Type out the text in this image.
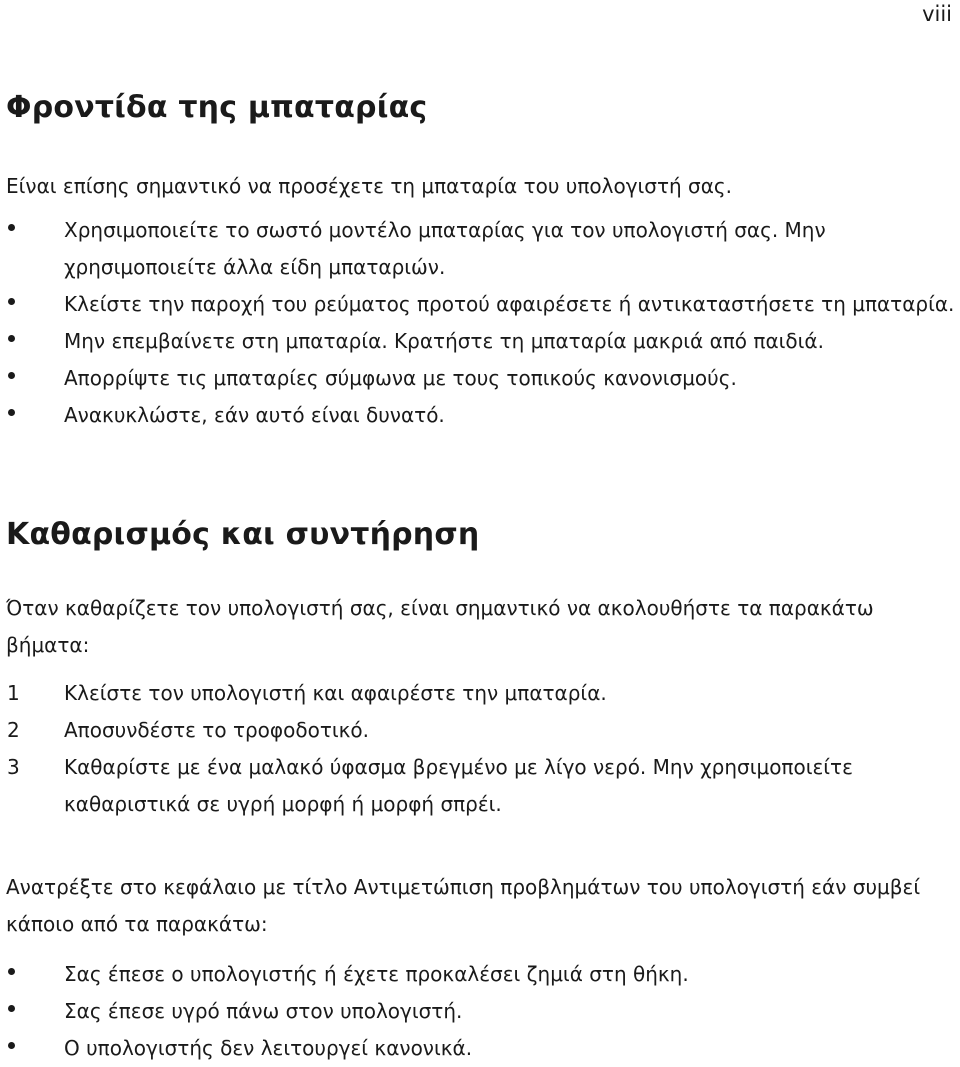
viii
Φροντίδα της μπαταρίας

Είναι επίσης σημαντικό να προσέχετε τη μπαταρία του υπολογιστή σας.

Χρησιμοποιείτε το σωστό μοντέλο μπαταρίας για τον υπολογιστή σας. Μην χρησιμοποιείτε άλλα είδη μπαταριών.
Κλείστε την παροχή του ρεύματος προτού αφαιρέσετε ή αντικαταστήσετε τη μπαταρία.
Μην επεμβαίνετε στη μπαταρία. Κρατήστε τη μπαταρία μακριά από παιδιά.
Απορρίψτε τις μπαταρίες σύμφωνα με τους τοπικούς κανονισμούς.
Ανακυκλώστε, εάν αυτό είναι δυνατό.
Καθαρισμός και συντήρηση

Όταν καθαρίζετε τον υπολογιστή σας, είναι σημαντικό να ακολουθήστε τα παρακάτω βήματα:

1 Κλείστε τον υπολογιστή και αφαιρέστε την μπαταρία.
2 Αποσυνδέστε το τροφοδοτικό.
3 Καθαρίστε με ένα μαλακό ύφασμα βρεγμένο με λίγο νερό. Μην χρησιμοποιείτε καθαριστικά σε υγρή μορφή ή μορφή σπρέι.

Ανατρέξτε στο κεφάλαιο με τίτλο Αντιμετώπιση προβλημάτων του υπολογιστή εάν συμβεί κάποιο από τα παρακάτω:

Σας έπεσε ο υπολογιστής ή έχετε προκαλέσει ζημιά στη θήκη.
Σας έπεσε υγρό πάνω στον υπολογιστή.
Ο υπολογιστής δεν λειτουργεί κανονικά.
